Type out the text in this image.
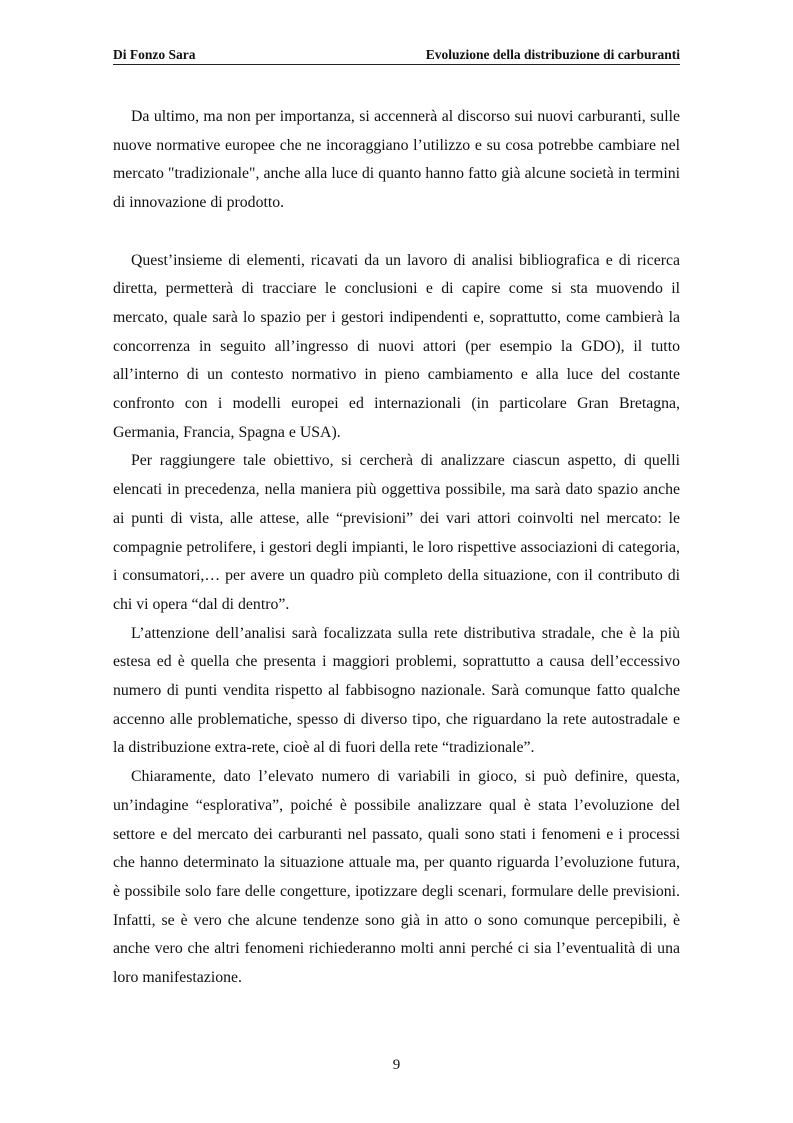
Di Fonzo Sara	Evoluzione della distribuzione di carburanti

Da ultimo, ma non per importanza, si accennerà al discorso sui nuovi carburanti, sulle nuove normative europee che ne incoraggiano l’utilizzo e su cosa potrebbe cambiare nel mercato "tradizionale", anche alla luce di quanto hanno fatto già alcune società in termini di innovazione di prodotto.

Quest’insieme di elementi, ricavati da un lavoro di analisi bibliografica e di ricerca diretta, permetterà di tracciare le conclusioni e di capire come si sta muovendo il mercato, quale sarà lo spazio per i gestori indipendenti e, soprattutto, come cambierà la concorrenza in seguito all’ingresso di nuovi attori (per esempio la GDO), il tutto all’interno di un contesto normativo in pieno cambiamento e alla luce del costante confronto con i modelli europei ed internazionali (in particolare Gran Bretagna, Germania, Francia, Spagna e USA).

Per raggiungere tale obiettivo, si cercherà di analizzare ciascun aspetto, di quelli elencati in precedenza, nella maniera più oggettiva possibile, ma sarà dato spazio anche ai punti di vista, alle attese, alle “previsioni” dei vari attori coinvolti nel mercato: le compagnie petrolifere, i gestori degli impianti, le loro rispettive associazioni di categoria, i consumatori,… per avere un quadro più completo della situazione, con il contributo di chi vi opera “dal di dentro”.

L’attenzione dell’analisi sarà focalizzata sulla rete distributiva stradale, che è la più estesa ed è quella che presenta i maggiori problemi, soprattutto a causa dell’eccessivo numero di punti vendita rispetto al fabbisogno nazionale. Sarà comunque fatto qualche accenno alle problematiche, spesso di diverso tipo, che riguardano la rete autostradale e la distribuzione extra-rete, cioè al di fuori della rete “tradizionale”.

Chiaramente, dato l’elevato numero di variabili in gioco, si può definire, questa, un’indagine “esplorativa”, poiché è possibile analizzare qual è stata l’evoluzione del settore e del mercato dei carburanti nel passato, quali sono stati i fenomeni e i processi che hanno determinato la situazione attuale ma, per quanto riguarda l’evoluzione futura, è possibile solo fare delle congetture, ipotizzare degli scenari, formulare delle previsioni. Infatti, se è vero che alcune tendenze sono già in atto o sono comunque percepibili, è anche vero che altri fenomeni richiederanno molti anni perché ci sia l’eventualità di una loro manifestazione.

9
